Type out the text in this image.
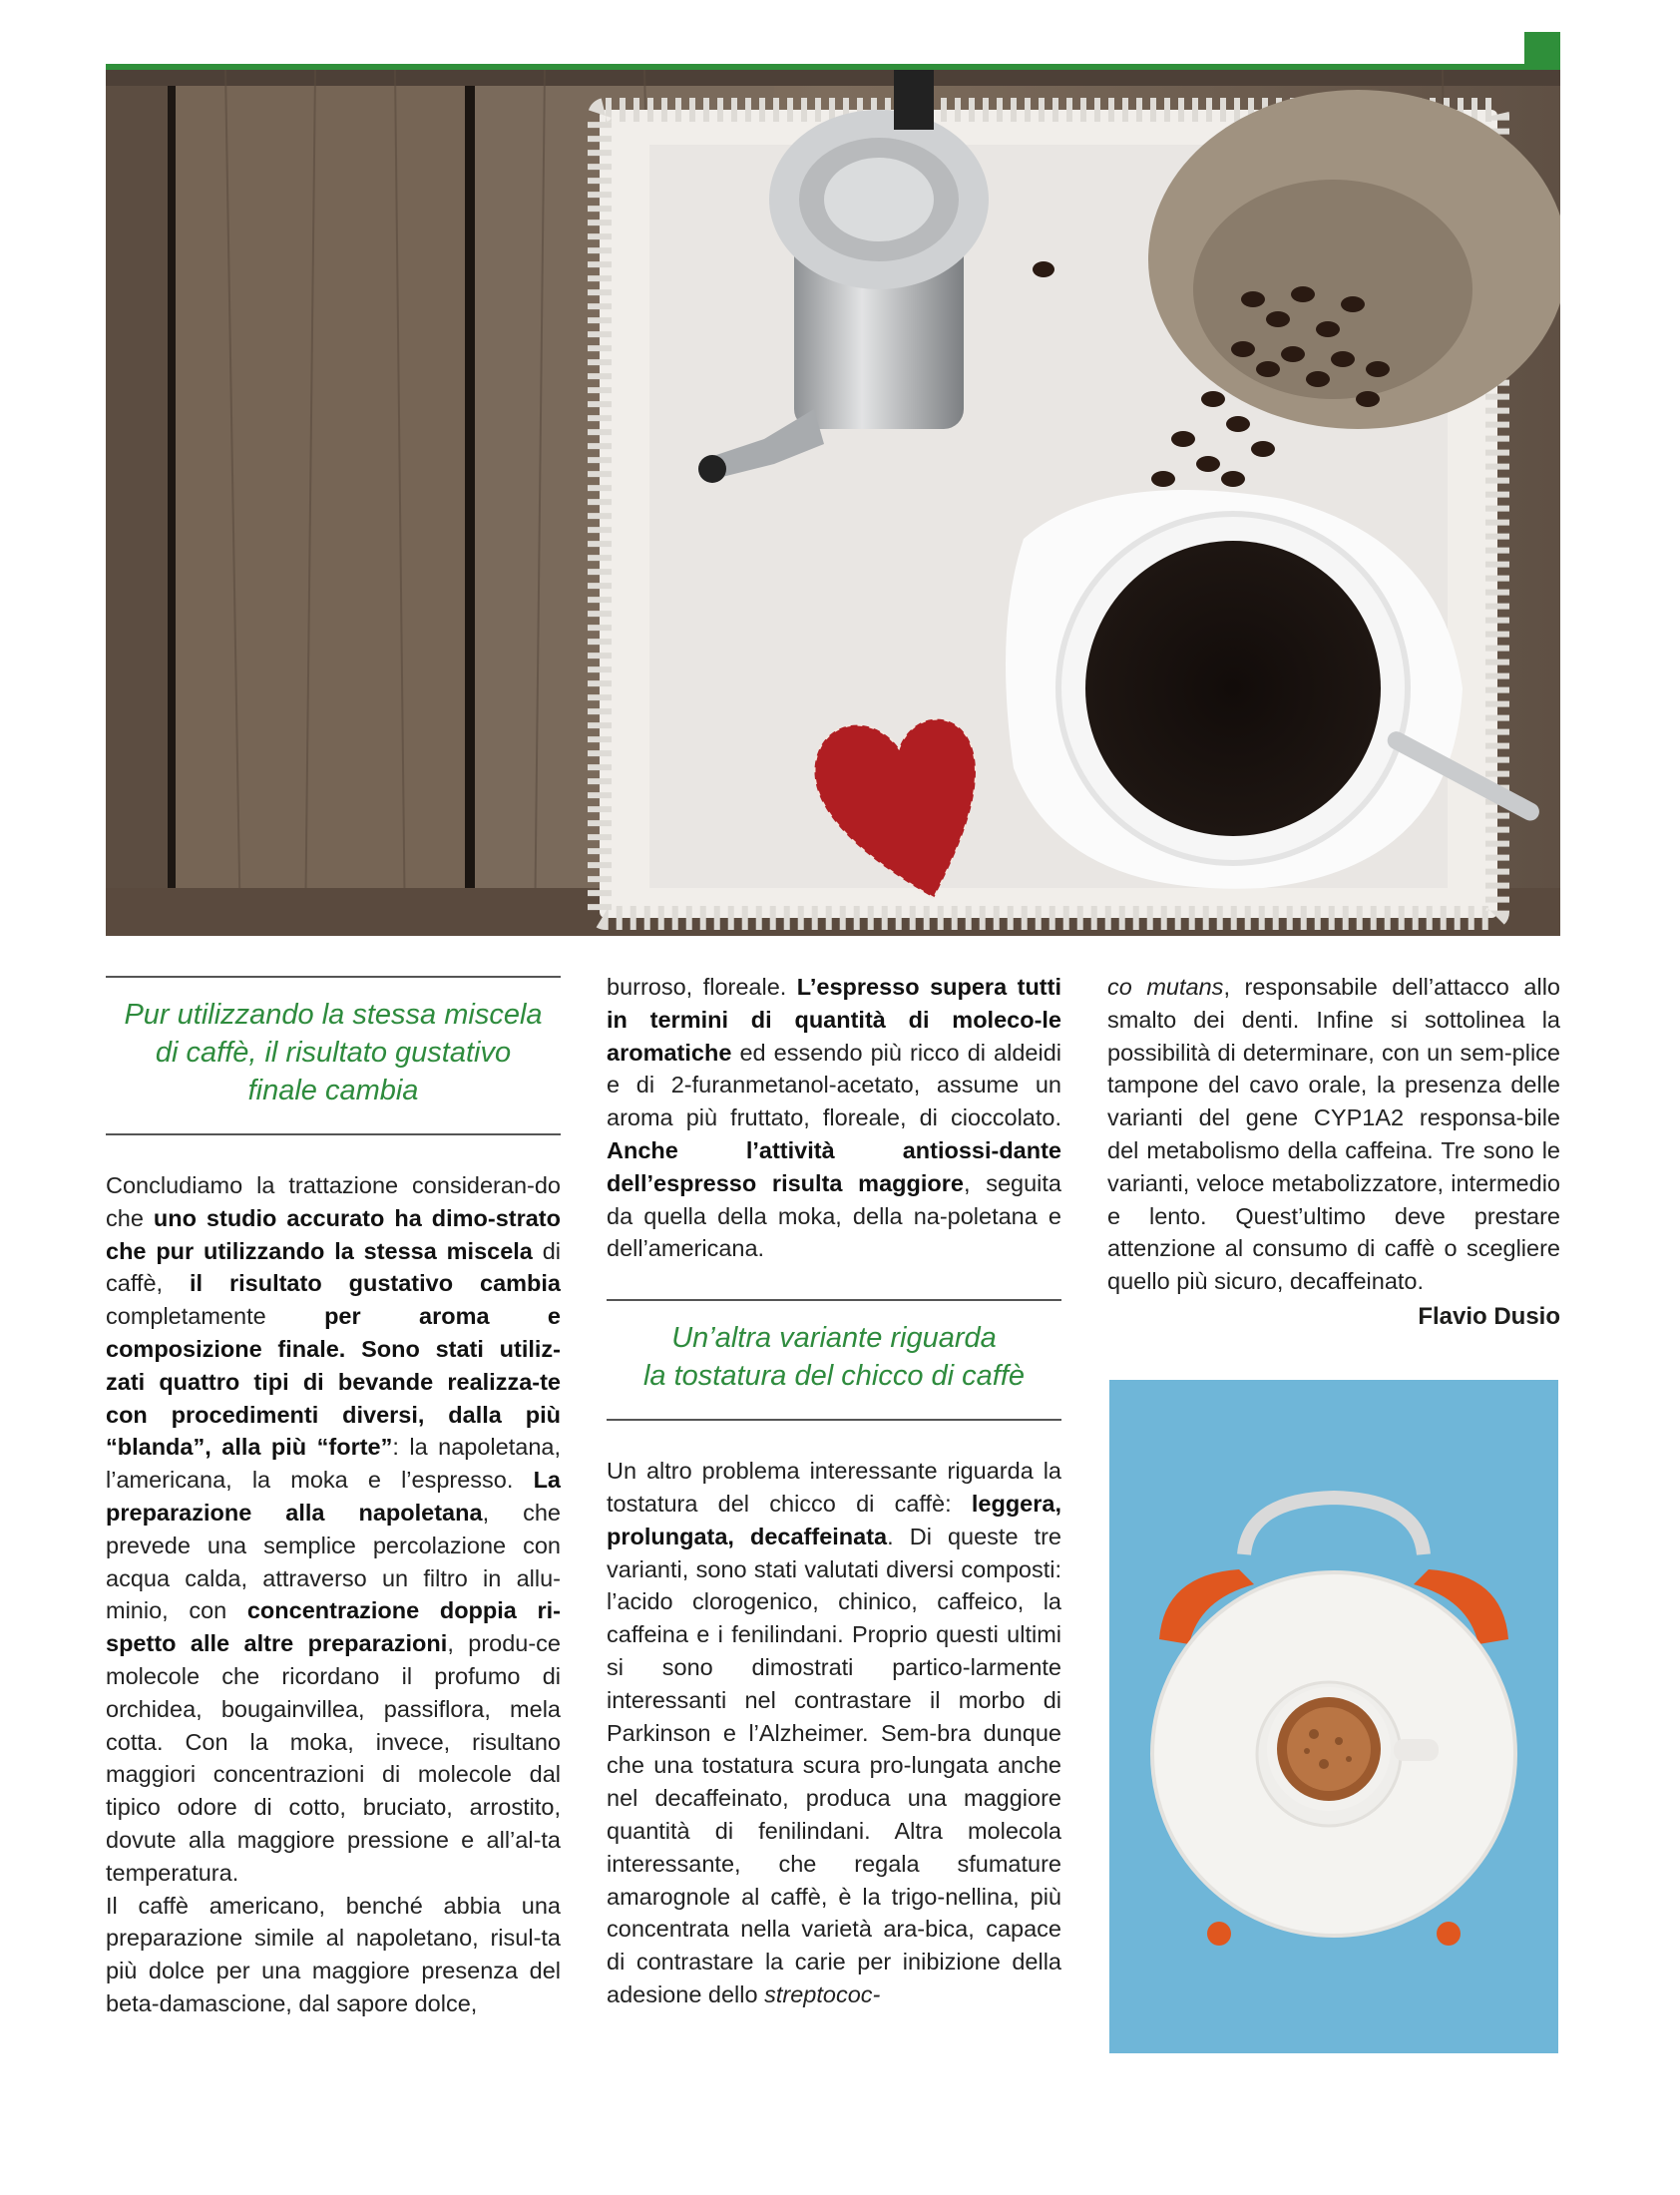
Pur utilizzando la stessa miscela
di caffè, il risultato gustativo
finale cambia

Concludiamo la trattazione consideran-do che uno studio accurato ha dimo-strato che pur utilizzando la stessa miscela di caffè, il risultato gustativo cambia completamente per aroma e composizione finale. Sono stati utiliz-zati quattro tipi di bevande realizza-te con procedimenti diversi, dalla più “blanda”, alla più “forte”: la napoletana, l’americana, la moka e l’espresso. La preparazione alla napoletana, che prevede una semplice percolazione con acqua calda, attraverso un filtro in allu-minio, con concentrazione doppia ri-spetto alle altre preparazioni, produ-ce molecole che ricordano il profumo di orchidea, bougainvillea, passiflora, mela cotta. Con la moka, invece, risultano maggiori concentrazioni di molecole dal tipico odore di cotto, bruciato, arrostito, dovute alla maggiore pressione e all’al-ta temperatura.

Il caffè americano, benché abbia una preparazione simile al napoletano, risul-ta più dolce per una maggiore presenza del beta-damascione, dal sapore dolce,

burroso, floreale. L’espresso supera tutti in termini di quantità di moleco-le aromatiche ed essendo più ricco di aldeidi e di 2-furanmetanol-acetato, assume un aroma più fruttato, floreale, di cioccolato. Anche l’attività antiossi-dante dell’espresso risulta maggiore, seguita da quella della moka, della na-poletana e dell’americana.

Un’altra variante riguarda
la tostatura del chicco di caffè

Un altro problema interessante riguarda la tostatura del chicco di caffè: leggera, prolungata, decaffeinata. Di queste tre varianti, sono stati valutati diversi composti: l’acido clorogenico, chinico, caffeico, la caffeina e i fenilindani. Proprio questi ultimi si sono dimostrati partico-larmente interessanti nel contrastare il morbo di Parkinson e l’Alzheimer. Sem-bra dunque che una tostatura scura pro-lungata anche nel decaffeinato, produca una maggiore quantità di fenilindani. Altra molecola interessante, che regala sfumature amarognole al caffè, è la trigo-nellina, più concentrata nella varietà ara-bica, capace di contrastare la carie per inibizione della adesione dello streptococ-

co mutans, responsabile dell’attacco allo smalto dei denti. Infine si sottolinea la possibilità di determinare, con un sem-plice tampone del cavo orale, la presenza delle varianti del gene CYP1A2 responsa-bile del metabolismo della caffeina. Tre sono le varianti, veloce metabolizzatore, intermedio e lento. Quest’ultimo deve prestare attenzione al consumo di caffè o scegliere quello più sicuro, decaffeinato.

Flavio Dusio
